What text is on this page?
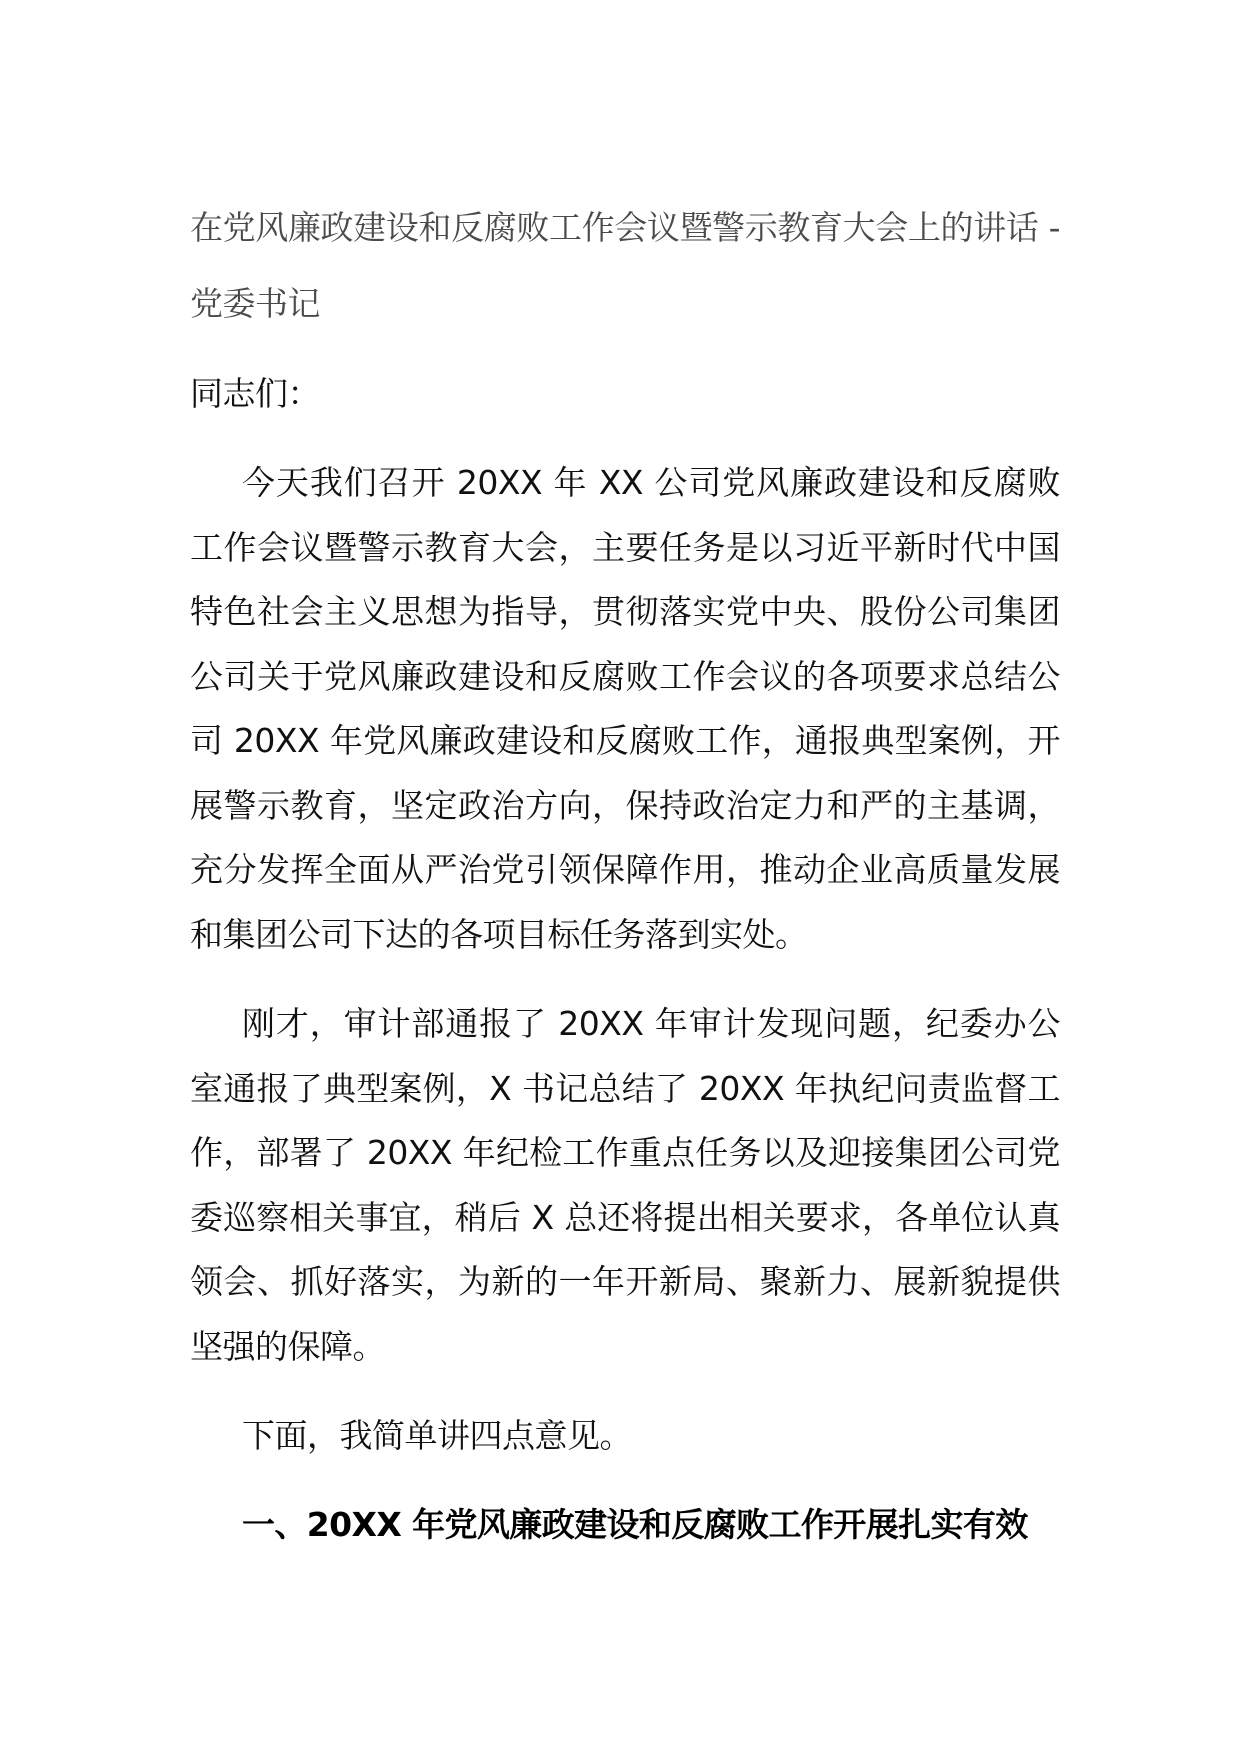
在党风廉政建设和反腐败工作会议暨警示教育大会上的讲话 -党委书记

同志们：

今天我们召开 20XX 年 XX 公司党风廉政建设和反腐败工作会议暨警示教育大会，主要任务是以习近平新时代中国特色社会主义思想为指导，贯彻落实党中央、股份公司集团公司关于党风廉政建设和反腐败工作会议的各项要求总结公司 20XX 年党风廉政建设和反腐败工作，通报典型案例，开展警示教育，坚定政治方向，保持政治定力和严的主基调，充分发挥全面从严治党引领保障作用，推动企业高质量发展和集团公司下达的各项目标任务落到实处。

刚才，审计部通报了 20XX 年审计发现问题，纪委办公室通报了典型案例，X 书记总结了 20XX 年执纪问责监督工作，部署了 20XX 年纪检工作重点任务以及迎接集团公司党委巡察相关事宜，稍后 X 总还将提出相关要求，各单位认真领会、抓好落实，为新的一年开新局、聚新力、展新貌提供坚强的保障。

下面，我简单讲四点意见。

一、20XX 年党风廉政建设和反腐败工作开展扎实有效
